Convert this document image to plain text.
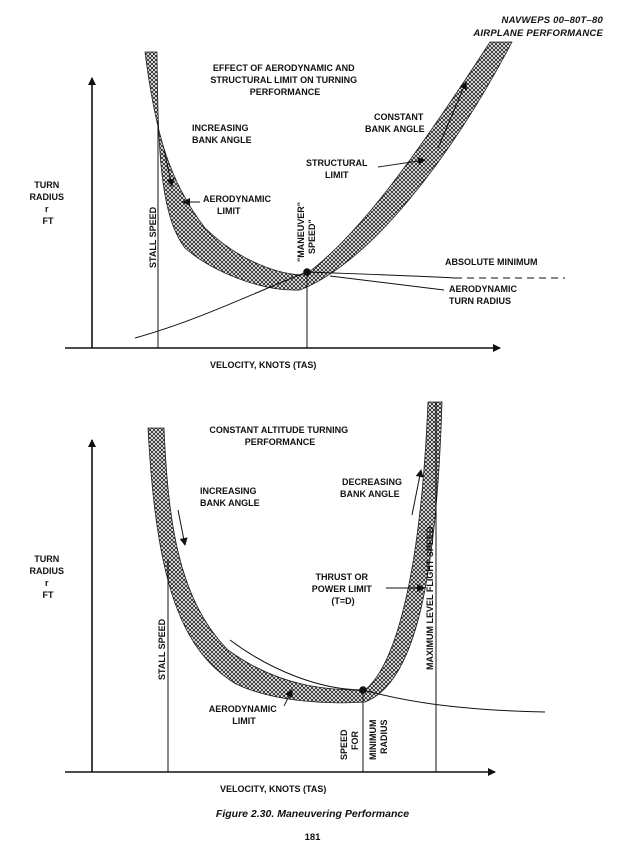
NAVWEPS 00–80T–80
AIRPLANE PERFORMANCE
EFFECT OF AERODYNAMIC AND STRUCTURAL LIMIT ON TURNING PERFORMANCE
TURN RADIUS r FT
VELOCITY, KNOTS (TAS)
STALL SPEED	"MANEUVER" SPEED"
INCREASING BANK ANGLE
AERODYNAMIC LIMIT
STRUCTURAL LIMIT
CONSTANT BANK ANGLE
ABSOLUTE MINIMUM
AERODYNAMIC TURN RADIUS
CONSTANT ALTITUDE TURNING PERFORMANCE
TURN RADIUS r FT
VELOCITY, KNOTS (TAS)
STALL SPEED	MAXIMUM LEVEL FLIGHT SPEED
INCREASING BANK ANGLE
DECREASING BANK ANGLE
THRUST OR POWER LIMIT (T=D)
AERODYNAMIC LIMIT
SPEED FOR MINIMUM RADIUS
Figure 2.30. Maneuvering Performance
181
